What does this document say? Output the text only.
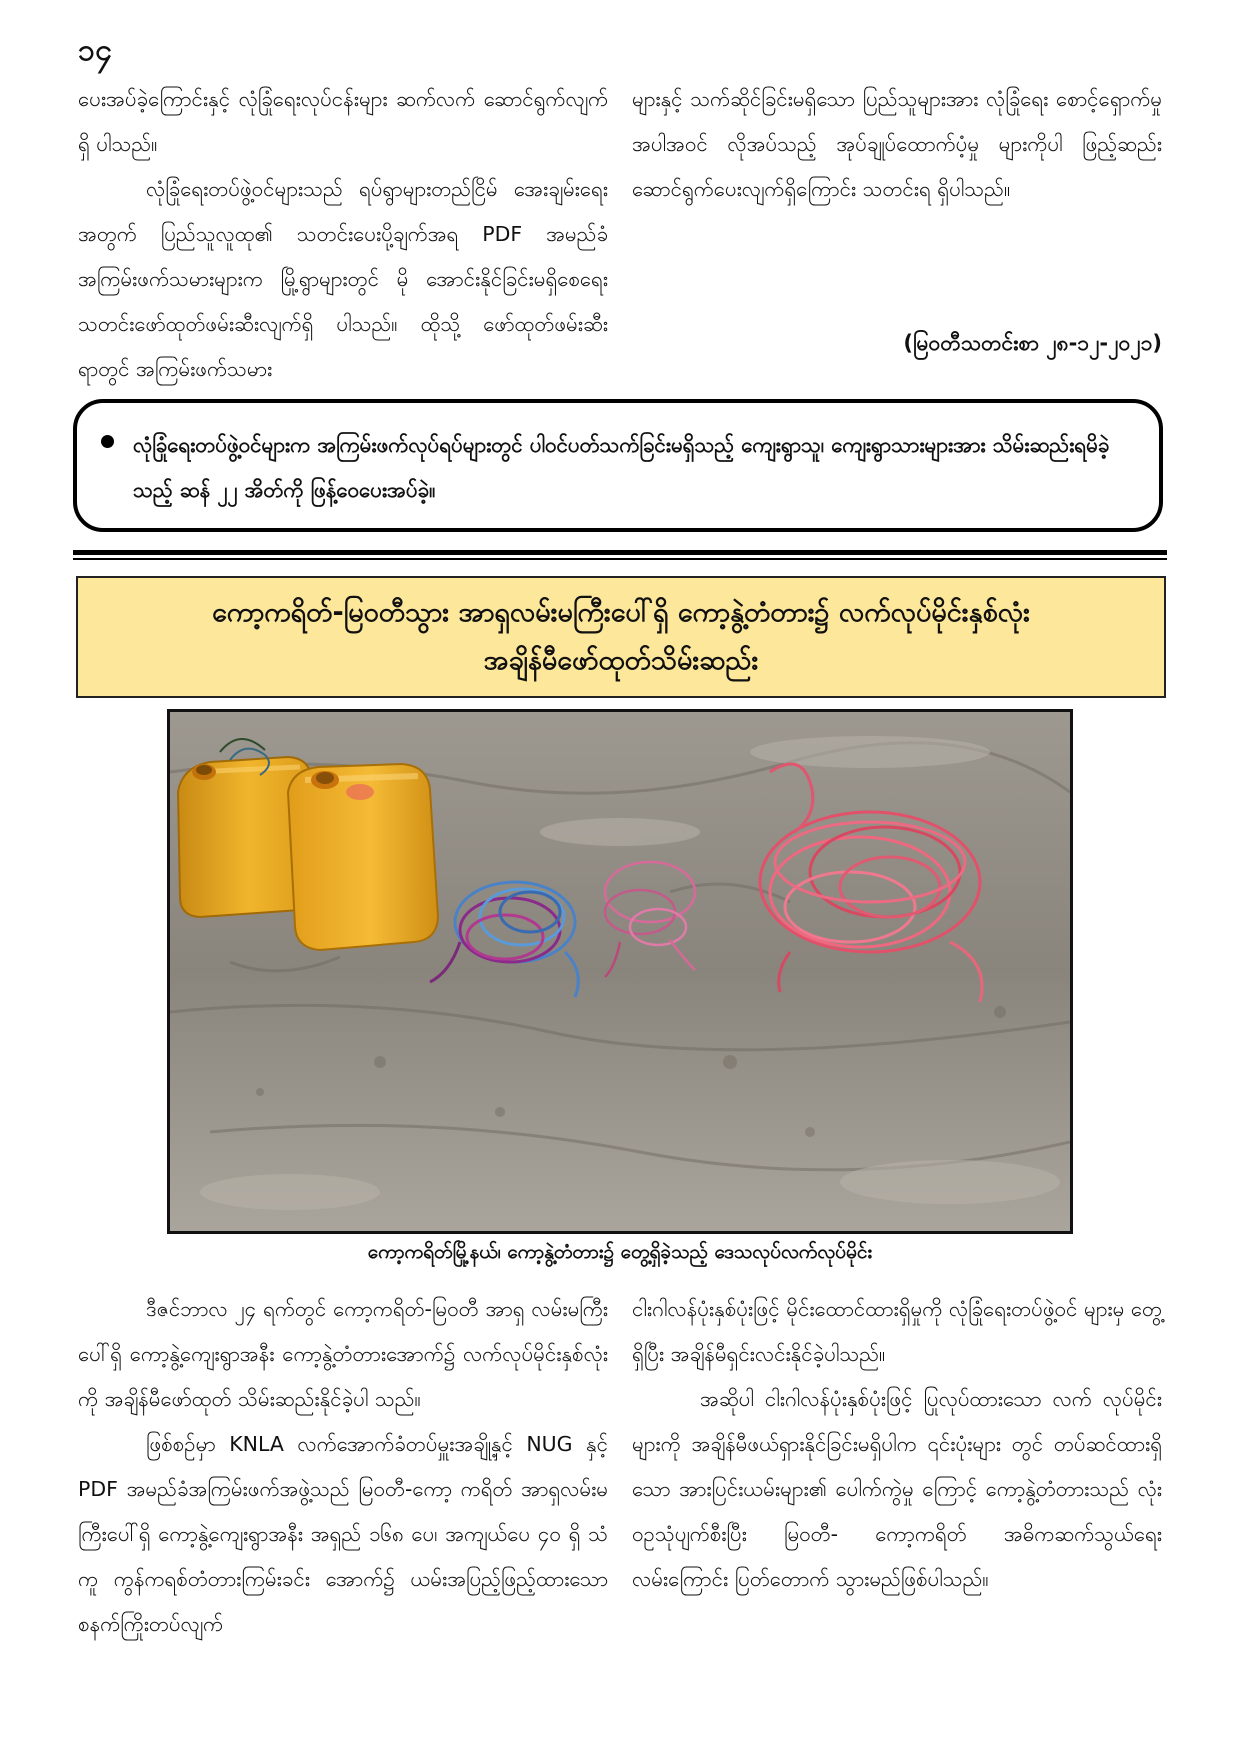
၁၄

ပေးအပ်ခဲ့ကြောင်းနှင့် လုံခြုံရေးလုပ်ငန်းများ ဆက်လက် ဆောင်ရွက်လျက်ရှိ ပါသည်။

လုံခြုံရေးတပ်ဖွဲ့ဝင်များသည် ရပ်ရွာများတည်ငြိမ် အေးချမ်းရေးအတွက် ပြည်သူလူထု၏ သတင်းပေးပို့ချက်အရ PDF အမည်ခံ အကြမ်းဖက်သမားများက မြို့ရွာများတွင် မို အောင်းနိုင်ခြင်းမရှိစေရေး သတင်းဖော်ထုတ်ဖမ်းဆီးလျက်ရှိ ပါသည်။ ထိုသို့ ဖော်ထုတ်ဖမ်းဆီးရာတွင် အကြမ်းဖက်သမား

များနှင့် သက်ဆိုင်ခြင်းမရှိသော ပြည်သူများအား လုံခြုံရေး စောင့်ရှောက်မှုအပါအဝင် လိုအပ်သည့် အုပ်ချုပ်ထောက်ပံ့မှု များကိုပါ ဖြည့်ဆည်းဆောင်ရွက်ပေးလျက်ရှိကြောင်း သတင်းရ ရှိပါသည်။

(မြဝတီသတင်းစာ ၂၈-၁၂-၂၀၂၁)
လုံခြုံရေးတပ်ဖွဲ့ဝင်များက အကြမ်းဖက်လုပ်ရပ်များတွင် ပါဝင်ပတ်သက်ခြင်းမရှိသည့် ကျေးရွာသူ၊ ကျေးရွာသားများအား သိမ်းဆည်းရမိခဲ့သည့် ဆန် ၂၂ အိတ်ကို ဖြန့်ဝေပေးအပ်ခဲ့။
ကော့ကရိတ်-မြဝတီသွား အာရှလမ်းမကြီးပေါ်ရှိ ကော့နွဲ့တံတား၌ လက်လုပ်မိုင်းနှစ်လုံး
အချိန်မီဖော်ထုတ်သိမ်းဆည်း
ကော့ကရိတ်မြို့နယ်၊ ကော့နွဲ့တံတား၌ တွေ့ရှိခဲ့သည့် ဒေသလုပ်လက်လုပ်မိုင်း

ဒီဇင်ဘာလ ၂၄ ရက်တွင် ကော့ကရိတ်-မြဝတီ အာရှ လမ်းမကြီးပေါ်ရှိ ကော့နွဲ့ကျေးရွာအနီး ကော့နွဲ့တံတားအောက်၌ လက်လုပ်မိုင်းနှစ်လုံးကို အချိန်မီဖော်ထုတ် သိမ်းဆည်းနိုင်ခဲ့ပါ သည်။

ဖြစ်စဉ်မှာ KNLA လက်အောက်ခံတပ်မှူးအချို့နှင့် NUG နှင့် PDF အမည်ခံအကြမ်းဖက်အဖွဲ့သည် မြဝတီ-ကော့ ကရိတ် အာရှလမ်းမကြီးပေါ်ရှိ ကော့နွဲ့ကျေးရွာအနီး အရှည် ၁၆၈ ပေ၊ အကျယ်ပေ ၄၀ ရှိ သံကူ ကွန်ကရစ်တံတားကြမ်းခင်း အောက်၌ ယမ်းအပြည့်ဖြည့်ထားသော စနက်ကြိုးတပ်လျက်

ငါးဂါလန်ပုံးနှစ်ပုံးဖြင့် မိုင်းထောင်ထားရှိမှုကို လုံခြုံရေးတပ်ဖွဲ့ဝင် များမှ တွေ့ရှိပြီး အချိန်မီရှင်းလင်းနိုင်ခဲ့ပါသည်။

အဆိုပါ ငါးဂါလန်ပုံးနှစ်ပုံးဖြင့် ပြုလုပ်ထားသော လက် လုပ်မိုင်းများကို အချိန်မီဖယ်ရှားနိုင်ခြင်းမရှိပါက ၎င်းပုံးများ တွင် တပ်ဆင်ထားရှိသော အားပြင်းယမ်းများ၏ ပေါက်ကွဲမှု ကြောင့် ကော့နွဲ့တံတားသည် လုံးဝဥသုံပျက်စီးပြီး မြဝတီ- ကော့ကရိတ် အဓိကဆက်သွယ်ရေးလမ်းကြောင်း ပြတ်တောက် သွားမည်ဖြစ်ပါသည်။
